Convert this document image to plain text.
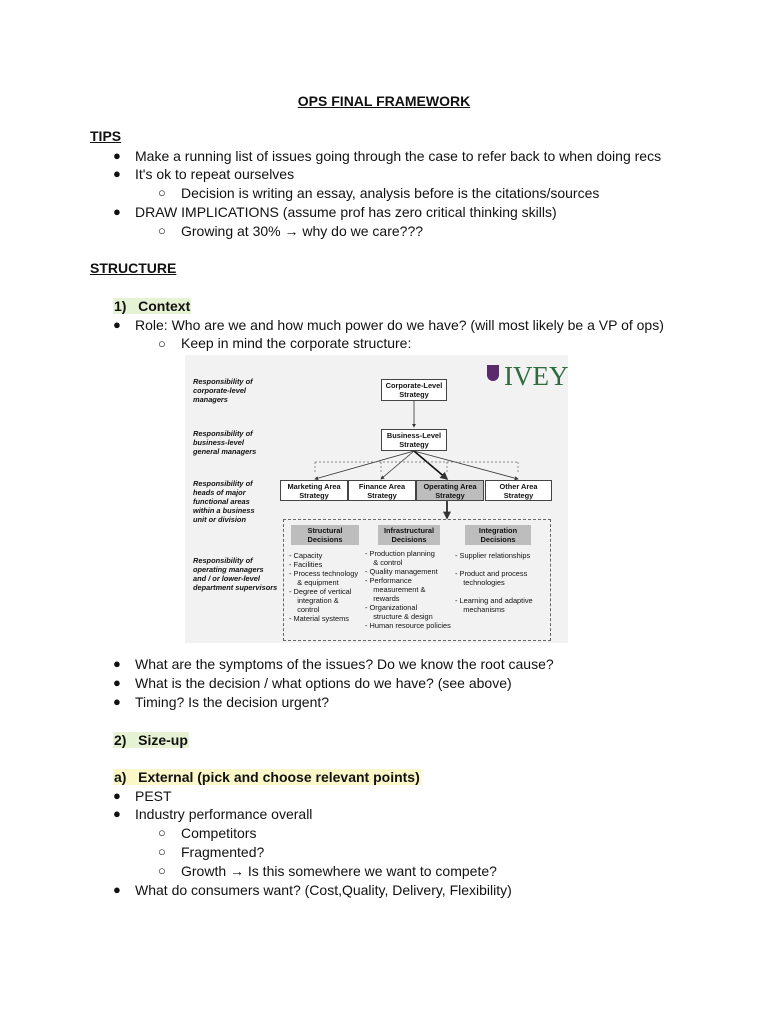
OPS FINAL FRAMEWORK
TIPS
● Make a running list of issues going through the case to refer back to when doing recs
● It's ok to repeat ourselves
○ Decision is writing an essay, analysis before is the citations/sources
● DRAW IMPLICATIONS (assume prof has zero critical thinking skills)
○ Growing at 30% → why do we care???
STRUCTURE
1) Context
● Role: Who are we and how much power do we have? (will most likely be a VP of ops)
○ Keep in mind the corporate structure:
IVEY
Responsibility of
corporate-level
managers
Responsibility of
business-level
general managers
Responsibility of
heads of major
functional areas
within a business
unit or division
Responsibility of
operating managers
and / or lower-level
department supervisors
Corporate-Level
Strategy
Business-Level
Strategy
Marketing Area
Strategy
Finance Area
Strategy
Operating Area
Strategy
Other Area
Strategy
Structural
Decisions
Infrastructural
Decisions
Integration
Decisions
- Capacity
- Facilities
- Process technology
& equipment
- Degree of vertical
integration &
control
- Material systems
- Production planning
& control
- Quality management
- Performance
measurement &
rewards
- Organizational
structure & design
- Human resource policies
- Supplier relationships

- Product and process
technologies

- Learning and adaptive
mechanisms
● What are the symptoms of the issues? Do we know the root cause?
● What is the decision / what options do we have? (see above)
● Timing? Is the decision urgent?
2) Size-up
a) External (pick and choose relevant points)
● PEST
● Industry performance overall
○ Competitors
○ Fragmented?
○ Growth → Is this somewhere we want to compete?
● What do consumers want? (Cost,Quality, Delivery, Flexibility)
